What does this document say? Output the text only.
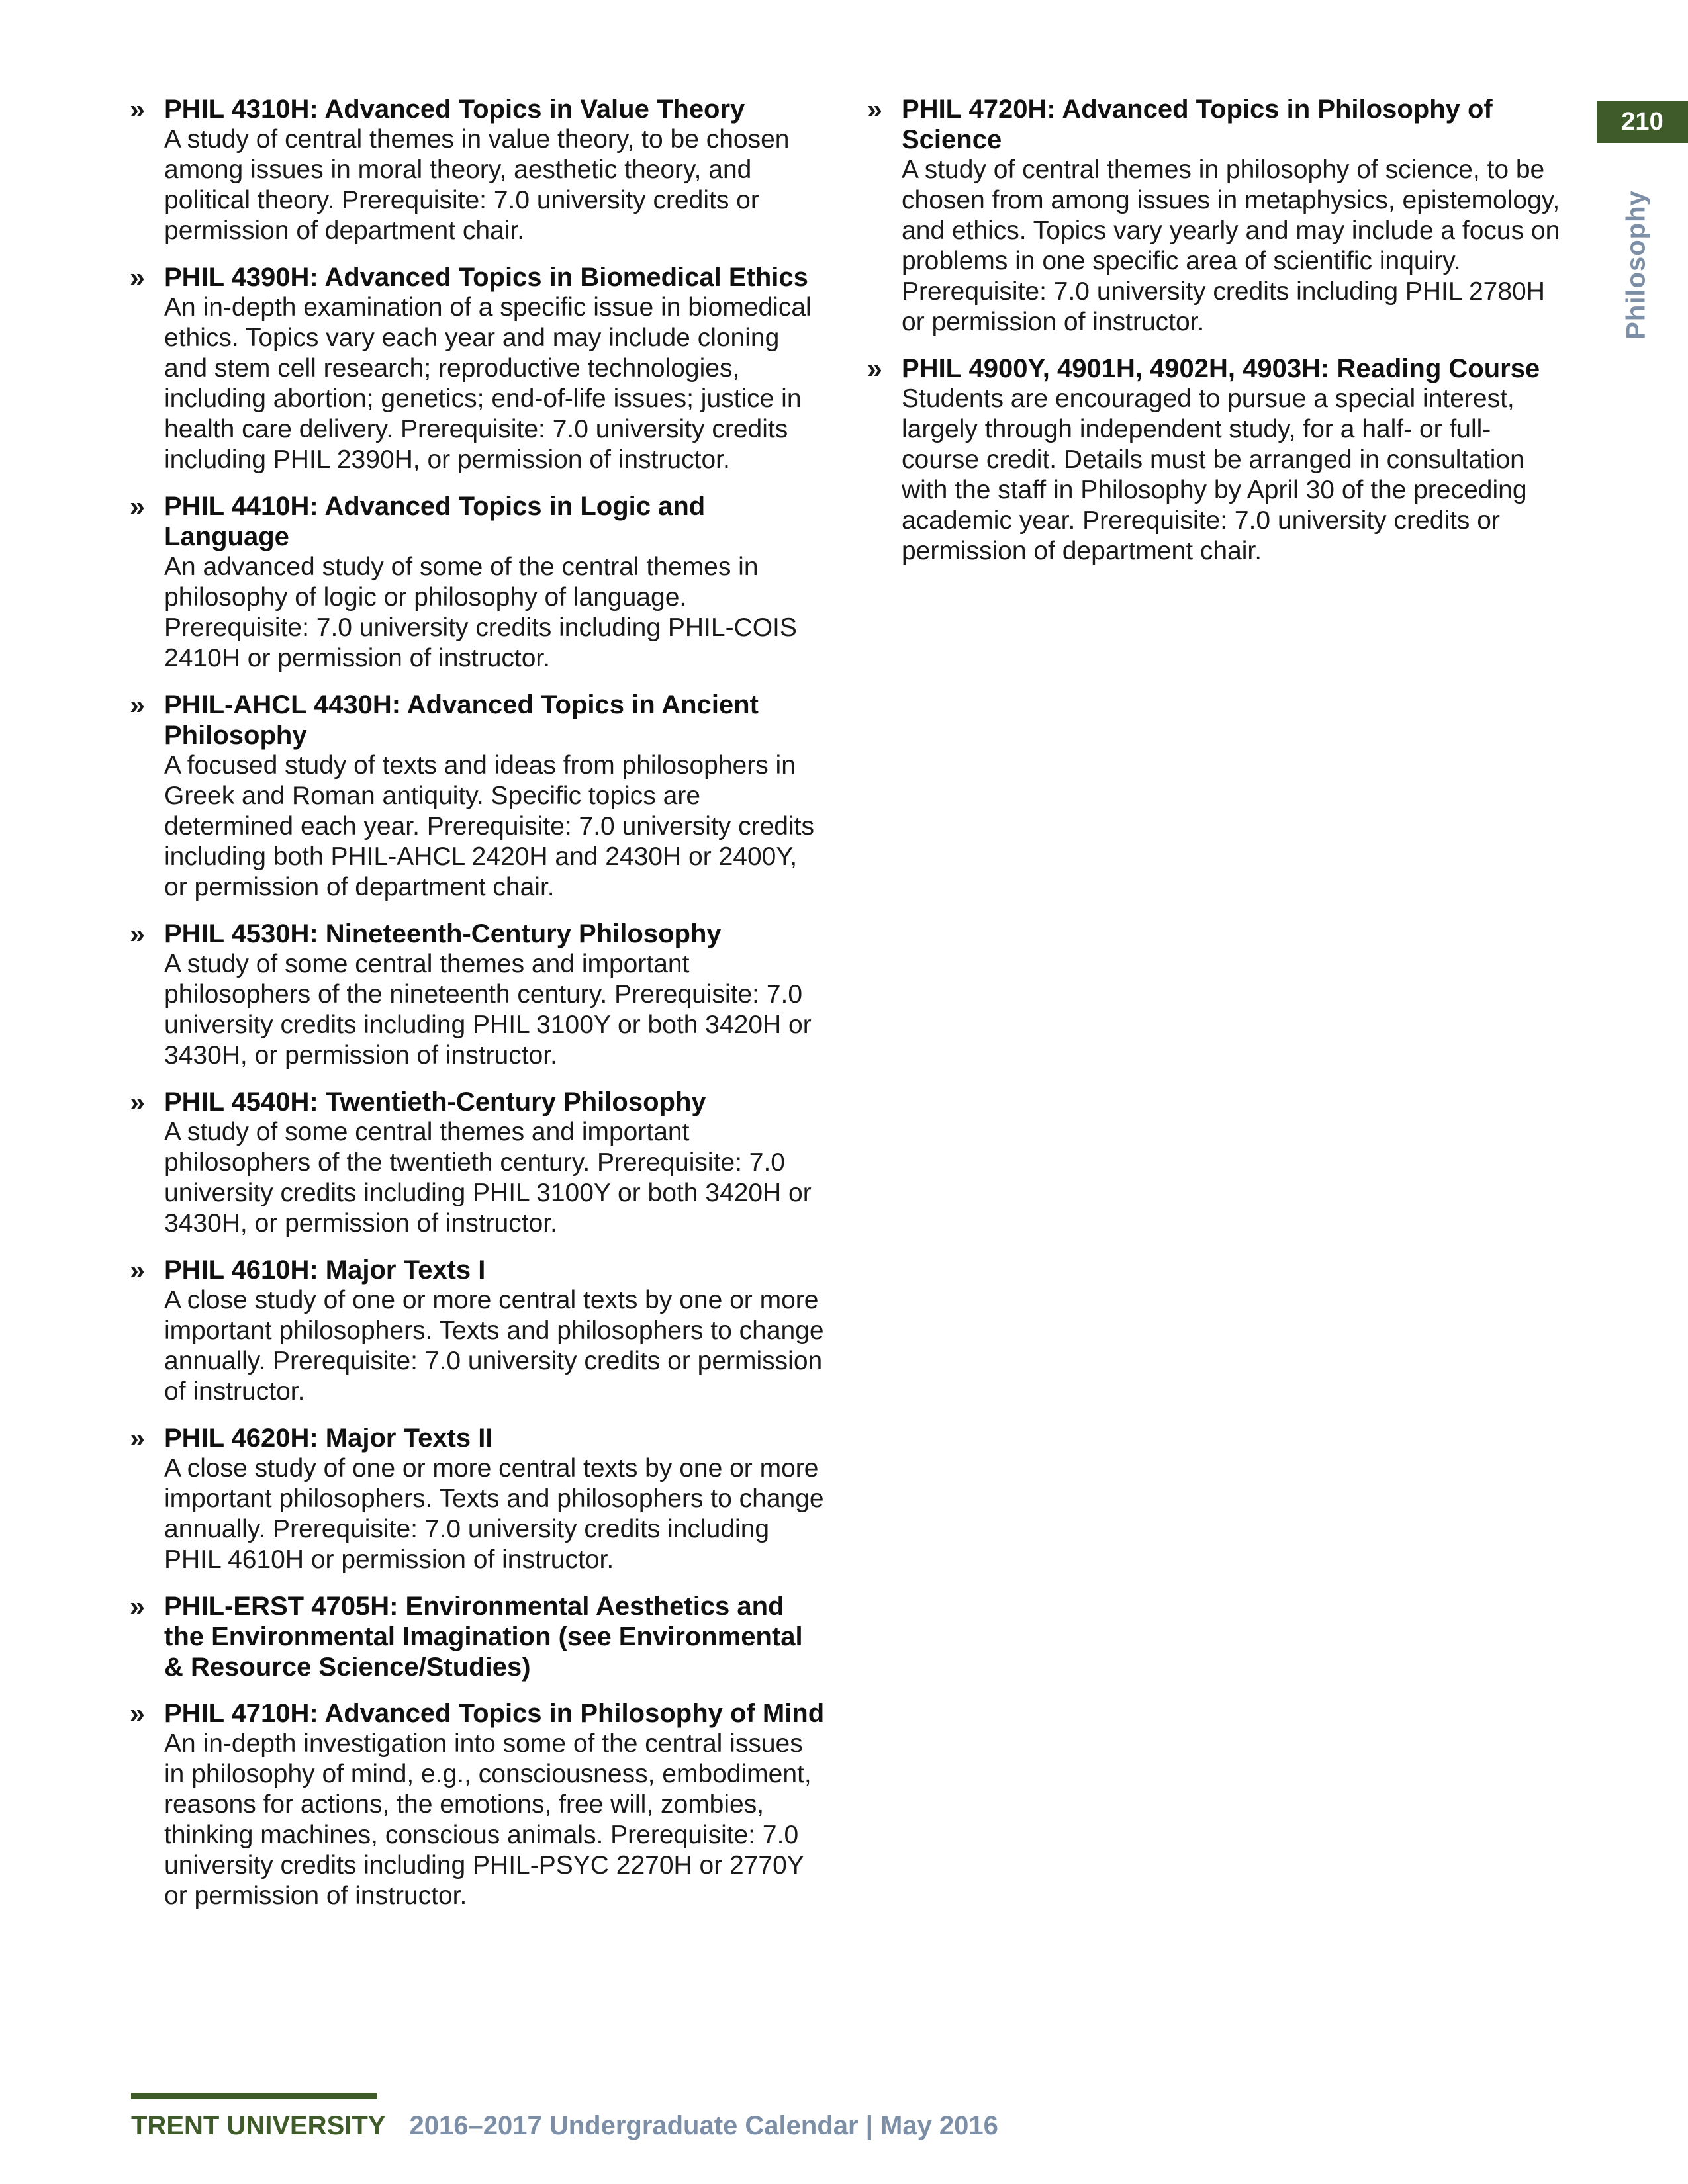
» PHIL 4310H: Advanced Topics in Value Theory

A study of central themes in value theory, to be chosen among issues in moral theory, aesthetic theory, and political theory. Prerequisite: 7.0 university credits or permission of department chair.

» PHIL 4390H: Advanced Topics in Biomedical Ethics

An in-depth examination of a specific issue in biomedical ethics. Topics vary each year and may include cloning and stem cell research; reproductive technologies, including abortion; genetics; end-of-life issues; justice in health care delivery. Prerequisite: 7.0 university credits including PHIL 2390H, or permission of instructor.

» PHIL 4410H: Advanced Topics in Logic and Language

An advanced study of some of the central themes in philosophy of logic or philosophy of language. Prerequisite: 7.0 university credits including PHIL-COIS 2410H or permission of instructor.

» PHIL-AHCL 4430H: Advanced Topics in Ancient Philosophy

A focused study of texts and ideas from philosophers in Greek and Roman antiquity. Specific topics are determined each year. Prerequisite: 7.0 university credits including both PHIL-AHCL 2420H and 2430H or 2400Y, or permission of department chair.

» PHIL 4530H: Nineteenth-Century Philosophy

A study of some central themes and important philosophers of the nineteenth century. Prerequisite: 7.0 university credits including PHIL 3100Y or both 3420H or 3430H, or permission of instructor.

» PHIL 4540H: Twentieth-Century Philosophy

A study of some central themes and important philosophers of the twentieth century. Prerequisite: 7.0 university credits including PHIL 3100Y or both 3420H or 3430H, or permission of instructor.

» PHIL 4610H: Major Texts I

A close study of one or more central texts by one or more important philosophers. Texts and philosophers to change annually. Prerequisite: 7.0 university credits or permission of instructor.

» PHIL 4620H: Major Texts II

A close study of one or more central texts by one or more important philosophers. Texts and philosophers to change annually. Prerequisite: 7.0 university credits including PHIL 4610H or permission of instructor.

» PHIL-ERST 4705H: Environmental Aesthetics and the Environmental Imagination (see Environmental & Resource Science/Studies)

» PHIL 4710H: Advanced Topics in Philosophy of Mind

An in-depth investigation into some of the central issues in philosophy of mind, e.g., consciousness, embodiment, reasons for actions, the emotions, free will, zombies, thinking machines, conscious animals. Prerequisite: 7.0 university credits including PHIL-PSYC 2270H or 2770Y or permission of instructor.

» PHIL 4720H: Advanced Topics in Philosophy of Science

A study of central themes in philosophy of science, to be chosen from among issues in metaphysics, epistemology, and ethics. Topics vary yearly and may include a focus on problems in one specific area of scientific inquiry. Prerequisite: 7.0 university credits including PHIL 2780H or permission of instructor.

» PHIL 4900Y, 4901H, 4902H, 4903H: Reading Course

Students are encouraged to pursue a special interest, largely through independent study, for a half- or full-course credit. Details must be arranged in consultation with the staff in Philosophy by April 30 of the preceding academic year. Prerequisite: 7.0 university credits or permission of department chair.

210
Philosophy
TRENT UNIVERSITY 2016–2017 Undergraduate Calendar | May 2016
